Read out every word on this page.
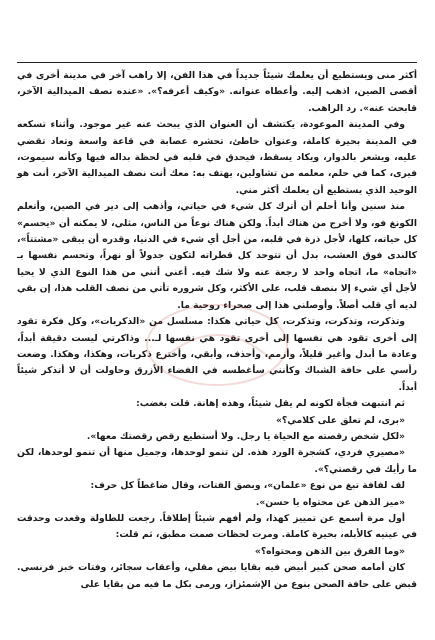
أكثر منى ويستطيع أن يعلمك شيئاً جديداً في هذا الفن، إلا راهب آخر في مدينة أخرى في أقصى الصين، اذهب إليه. وأعطاه عنوانه. «وكيف أعرفه؟». «عنده نصف الميدالية الآخر، قابحث عنه». رد الراهب.

وفي المدينة الموعودة، يكتشف أن العنوان الذي يبحث عنه غير موجود. وأثناء تسكعه في المدينة بحيرة كاملة، وعنوان خاطئ، تحشره عصابة في قاعة واسعة وتعاد تقضي عليه، ويشعر بالدوار، ويكاد يسقط، فيحدق في قلبه في لحظة بداله فيها وكأنه سيموت، فيرى، كما في حلم، معلمه من تشاولين، يهتف به: معك أنت نصف الميدالية الآخر، أنت هو الوحيد الذي يستطيع أن يعلمك أكثر مني.

منذ سنين وأنا أحلم أن أترك كل شيء في حياتي، وأذهب إلى دير في الصين، وأتعلم الكونغ فو، ولا أخرج من هناك أبداً. ولكن هناك نوعاً من الناس، مثلي، لا يمكنه أن «يحسم» كل حياته، كلها، لأجل ذرة في قلبه، من أجل أي شيء في الدنيا، وقدره أن يبقى «مشتتاً»، كالندى فوق العشب، بدل أن تتوحد كل قطراته لتكون جدولاً أو نهراً، وتحسم نفسها بـ «اتجاه» ما، اتجاه واحد لا رجعة عنه ولا شك فيه. أعني أنني من هذا النوع الذي لا يحيا لأجل أي شيء إلا بنصف قلب، على الأكثر، وكل شروره تأتي من نصف القلب هذا، إن بقي لديه أي قلب أصلاً. وأوصلني هذا إلى صحراء روحية ما.

وتذكرت، وتذكرت، وتذكرت، كل حياتي هكذا: مسلسل من «الذكريات»، وكل فكرة تقود إلى أخرى تقود هي نفسها إلى أخرى تقود هي نفسها لـ... وذاكرتي ليست دقيقة أبداً، وعادة ما أبدل وأغير قليلاً، وأرمم، وأحذف، وأبقي، وأخترع ذكريات، وهكذا، وهكذا. وضعت رأسي على حافة الشباك وكأنني سأغطسه في الفضاء الأزرق وحاولت أن لا أتذكر شيئاً أبداً.

ثم انتبهت فجأة لكونه لم يقل شيئاً، وهذه إهانة. قلت بغضب:

«برى، لم تعلق على كلامي؟»

«لكل شخص رقصته مع الحياة يا رجل. ولا أستطيع رقص رقصتك معها».

«مصيري فردي، كشجرة الورد هذه. لن تنمو لوحدها، وجميل منها أن تنمو لوحدها، لكن ما رأيك في رقصتي؟».

لف لفافة تبغ من نوع «علمان»، وبصق الفتات، وقال ضاغطاً كل حرف:

«ميز الذهن عن محتواه يا حسن».

أول مرة أسمع عن تمييز كهذا، ولم أفهم شيئاً إطلاقاً. رجعت للطاولة وقعدت وحدقت في عينيه كالأبله، بحيرة كاملة. ومرت لحظات صمت مطبق، ثم قلت:

«وما الفرق بين الذهن ومحتواه؟»

كان أمامه صحن كبير أبيض فيه بقايا بيض مقلي، وأعقاب سجائر، وفتات خبز فرنسي. قبض على حافة الصحن بنوع من الإشمئزاز، ورمى بكل ما فيه من بقايا على
